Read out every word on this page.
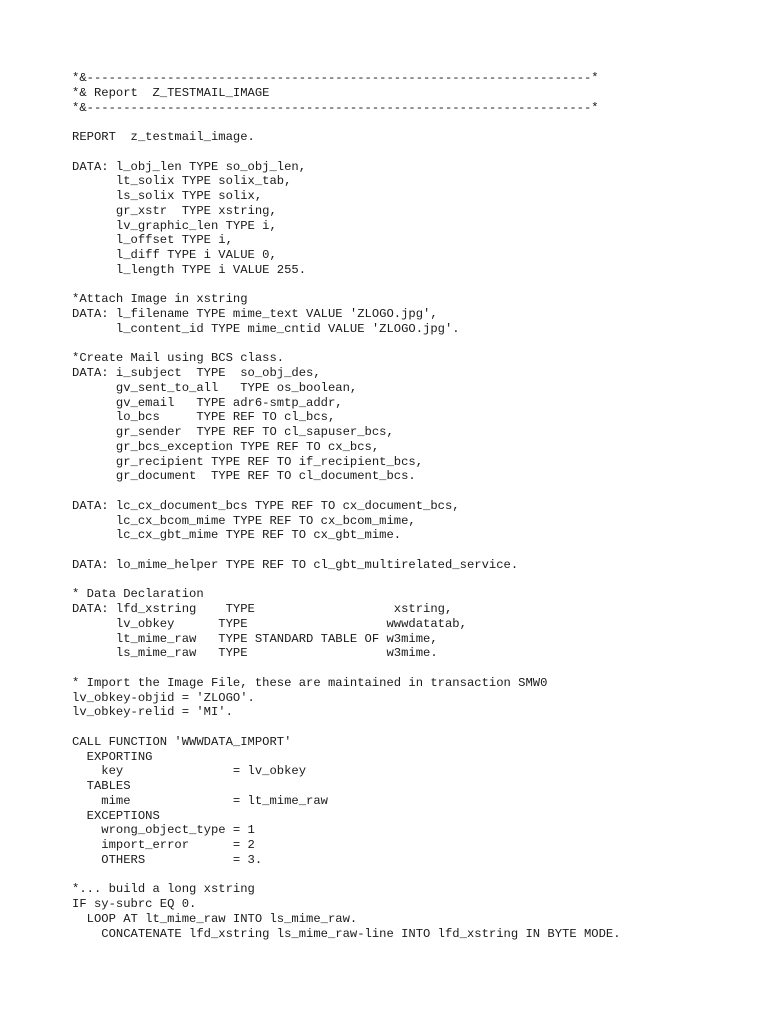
*&---------------------------------------------------------------------*
*& Report  Z_TESTMAIL_IMAGE
*&---------------------------------------------------------------------*
REPORT  z_testmail_image.
DATA: l_obj_len TYPE so_obj_len,
lt_solix TYPE solix_tab,
ls_solix TYPE solix,
gr_xstr  TYPE xstring,
lv_graphic_len TYPE i,
l_offset TYPE i,
l_diff TYPE i VALUE 0,
l_length TYPE i VALUE 255.
*Attach Image in xstring
DATA: l_filename TYPE mime_text VALUE 'ZLOGO.jpg',
l_content_id TYPE mime_cntid VALUE 'ZLOGO.jpg'.
*Create Mail using BCS class.
DATA: i_subject  TYPE  so_obj_des,
gv_sent_to_all   TYPE os_boolean,
gv_email   TYPE adr6-smtp_addr,
lo_bcs     TYPE REF TO cl_bcs,
gr_sender  TYPE REF TO cl_sapuser_bcs,
gr_bcs_exception TYPE REF TO cx_bcs,
gr_recipient TYPE REF TO if_recipient_bcs,
gr_document  TYPE REF TO cl_document_bcs.
DATA: lc_cx_document_bcs TYPE REF TO cx_document_bcs,
lc_cx_bcom_mime TYPE REF TO cx_bcom_mime,
lc_cx_gbt_mime TYPE REF TO cx_gbt_mime.
DATA: lo_mime_helper TYPE REF TO cl_gbt_multirelated_service.
* Data Declaration
DATA: lfd_xstring    TYPE                   xstring,
lv_obkey      TYPE                   wwwdatatab,
lt_mime_raw   TYPE STANDARD TABLE OF w3mime,
ls_mime_raw   TYPE                   w3mime.
* Import the Image File, these are maintained in transaction SMW0
lv_obkey-objid = 'ZLOGO'.
lv_obkey-relid = 'MI'.
CALL FUNCTION 'WWWDATA_IMPORT'
EXPORTING
key               = lv_obkey
TABLES
mime              = lt_mime_raw
EXCEPTIONS
wrong_object_type = 1
import_error      = 2
OTHERS            = 3.
*... build a long xstring
IF sy-subrc EQ 0.
LOOP AT lt_mime_raw INTO ls_mime_raw.
CONCATENATE lfd_xstring ls_mime_raw-line INTO lfd_xstring IN BYTE MODE.
